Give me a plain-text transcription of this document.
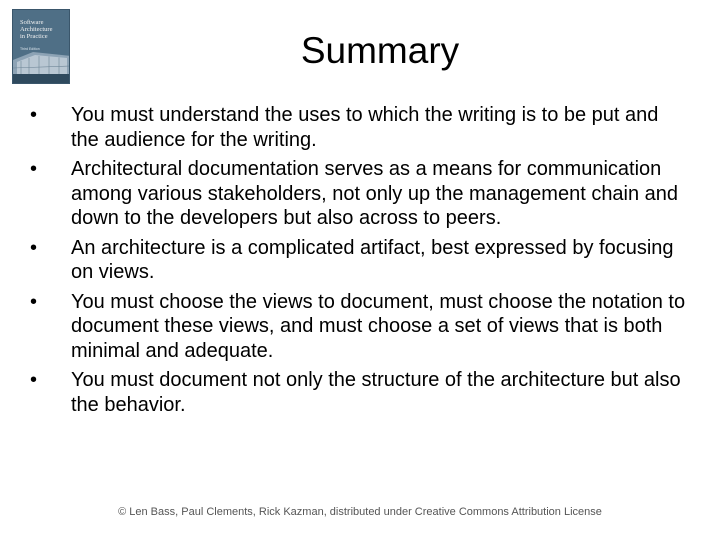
Software
Architecture
in Practice
Third Edition	Summary
•	You must understand the uses to which the writing is to be put and the audience for the writing.
•	Architectural documentation serves as a means for communication among various stakeholders, not only up the management chain and down to the developers but also across to peers.
•	An architecture is a complicated artifact, best expressed by focusing on views.
•	You must choose the views to document, must choose the notation to document these views, and must choose a set of views that is both minimal and adequate.
•	You must document not only the structure of the architecture but also the behavior.
© Len Bass, Paul Clements, Rick Kazman, distributed under Creative Commons Attribution License
